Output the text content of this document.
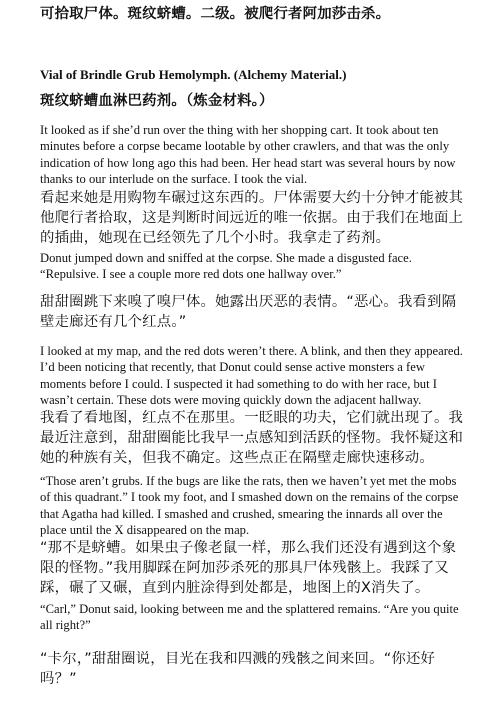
可拾取尸体。斑纹蛴螬。二级。被爬行者阿加莎击杀。

Vial of Brindle Grub Hemolymph. (Alchemy Material.)

斑纹蛴螬血淋巴药剂。（炼金材料。）

It looked as if she’d run over the thing with her shopping cart. It took about ten minutes before a corpse became lootable by other crawlers, and that was the only indication of how long ago this had been. Her head start was several hours by now thanks to our interlude on the surface. I took the vial.

看起来她是用购物车碾过这东西的。尸体需要大约十分钟才能被其他爬行者拾取，这是判断时间远近的唯一依据。由于我们在地面上的插曲，她现在已经领先了几个小时。我拿走了药剂。

Donut jumped down and sniffed at the corpse. She made a disgusted face. “Repulsive. I see a couple more red dots one hallway over.”

甜甜圈跳下来嗅了嗅尸体。她露出厌恶的表情。“恶心。我看到隔壁走廊还有几个红点。”

I looked at my map, and the red dots weren’t there. A blink, and then they appeared. I’d been noticing that recently, that Donut could sense active monsters a few moments before I could. I suspected it had something to do with her race, but I wasn’t certain. These dots were moving quickly down the adjacent hallway.

我看了看地图，红点不在那里。一眨眼的功夫，它们就出现了。我最近注意到，甜甜圈能比我早一点感知到活跃的怪物。我怀疑这和她的种族有关，但我不确定。这些点正在隔壁走廊快速移动。

“Those aren’t grubs. If the bugs are like the rats, then we haven’t yet met the mobs of this quadrant.” I took my foot, and I smashed down on the remains of the corpse that Agatha had killed. I smashed and crushed, smearing the innards all over the place until the X disappeared on the map.

“那不是蛴螬。如果虫子像老鼠一样，那么我们还没有遇到这个象限的怪物。”我用脚踩在阿加莎杀死的那具尸体残骸上。我踩了又踩，碾了又碾，直到内脏涂得到处都是，地图上的X消失了。

“Carl,” Donut said, looking between me and the splattered remains. “Are you quite all right?”

“卡尔，”甜甜圈说，目光在我和四溅的残骸之间来回。“你还好吗？”
